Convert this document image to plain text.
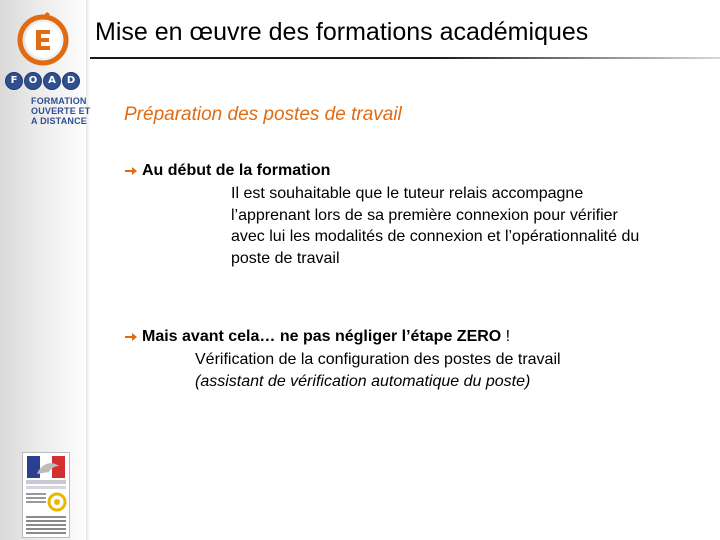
F	O	A	D
FORMATION
OUVERTE ET
A DISTANCE
Mise en œuvre des formations académiques
Préparation des postes de travail
Au début de la formation
Il est souhaitable que le tuteur relais accompagne
l’apprenant lors de sa première connexion pour vérifier
avec lui les modalités de connexion et l’opérationnalité du
poste de travail
Mais avant cela… ne pas négliger l’étape ZERO !
Vérification de la configuration des postes de travail
(assistant de vérification automatique du poste)
